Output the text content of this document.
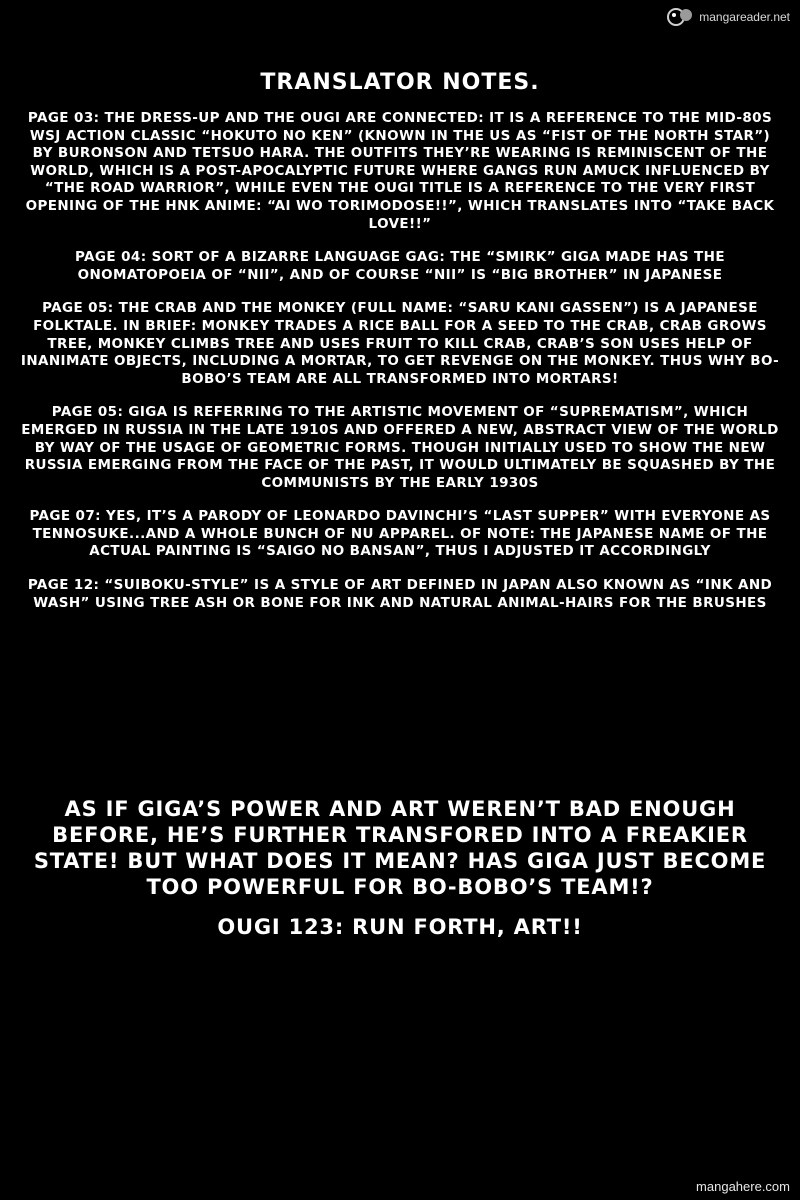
mangareader.net
TRANSLATOR NOTES.

PAGE 03: THE DRESS-UP AND THE OUGI ARE CONNECTED: IT IS A REFERENCE TO THE MID-80S WSJ ACTION CLASSIC “HOKUTO NO KEN” (KNOWN IN THE US AS “FIST OF THE NORTH STAR”) BY BURONSON AND TETSUO HARA. THE OUTFITS THEY’RE WEARING IS REMINISCENT OF THE WORLD, WHICH IS A POST-APOCALYPTIC FUTURE WHERE GANGS RUN AMUCK INFLUENCED BY “THE ROAD WARRIOR”, WHILE EVEN THE OUGI TITLE IS A REFERENCE TO THE VERY FIRST OPENING OF THE HNK ANIME: “AI WO TORIMODOSE!!”, WHICH TRANSLATES INTO “TAKE BACK LOVE!!”

PAGE 04: SORT OF A BIZARRE LANGUAGE GAG: THE “SMIRK” GIGA MADE HAS THE ONOMATOPOEIA OF “NII”, AND OF COURSE “NII” IS “BIG BROTHER” IN JAPANESE

PAGE 05: THE CRAB AND THE MONKEY (FULL NAME: “SARU KANI GASSEN”) IS A JAPANESE FOLKTALE. IN BRIEF: MONKEY TRADES A RICE BALL FOR A SEED TO THE CRAB, CRAB GROWS TREE, MONKEY CLIMBS TREE AND USES FRUIT TO KILL CRAB, CRAB’S SON USES HELP OF INANIMATE OBJECTS, INCLUDING A MORTAR, TO GET REVENGE ON THE MONKEY. THUS WHY BO-BOBO’S TEAM ARE ALL TRANSFORMED INTO MORTARS!

PAGE 05: GIGA IS REFERRING TO THE ARTISTIC MOVEMENT OF “SUPREMATISM”, WHICH EMERGED IN RUSSIA IN THE LATE 1910S AND OFFERED A NEW, ABSTRACT VIEW OF THE WORLD BY WAY OF THE USAGE OF GEOMETRIC FORMS. THOUGH INITIALLY USED TO SHOW THE NEW RUSSIA EMERGING FROM THE FACE OF THE PAST, IT WOULD ULTIMATELY BE SQUASHED BY THE COMMUNISTS BY THE EARLY 1930S

PAGE 07: YES, IT’S A PARODY OF LEONARDO DAVINCHI’S “LAST SUPPER” WITH EVERYONE AS TENNOSUKE...AND A WHOLE BUNCH OF NU APPAREL. OF NOTE: THE JAPANESE NAME OF THE ACTUAL PAINTING IS “SAIGO NO BANSAN”, THUS I ADJUSTED IT ACCORDINGLY

PAGE 12: “SUIBOKU-STYLE” IS A STYLE OF ART DEFINED IN JAPAN ALSO KNOWN AS “INK AND WASH” USING TREE ASH OR BONE FOR INK AND NATURAL ANIMAL-HAIRS FOR THE BRUSHES

AS IF GIGA’S POWER AND ART WEREN’T BAD ENOUGH BEFORE, HE’S FURTHER TRANSFORED INTO A FREAKIER STATE! BUT WHAT DOES IT MEAN? HAS GIGA JUST BECOME TOO POWERFUL FOR BO-BOBO’S TEAM!?
OUGI 123: RUN FORTH, ART!!
mangahere.com
